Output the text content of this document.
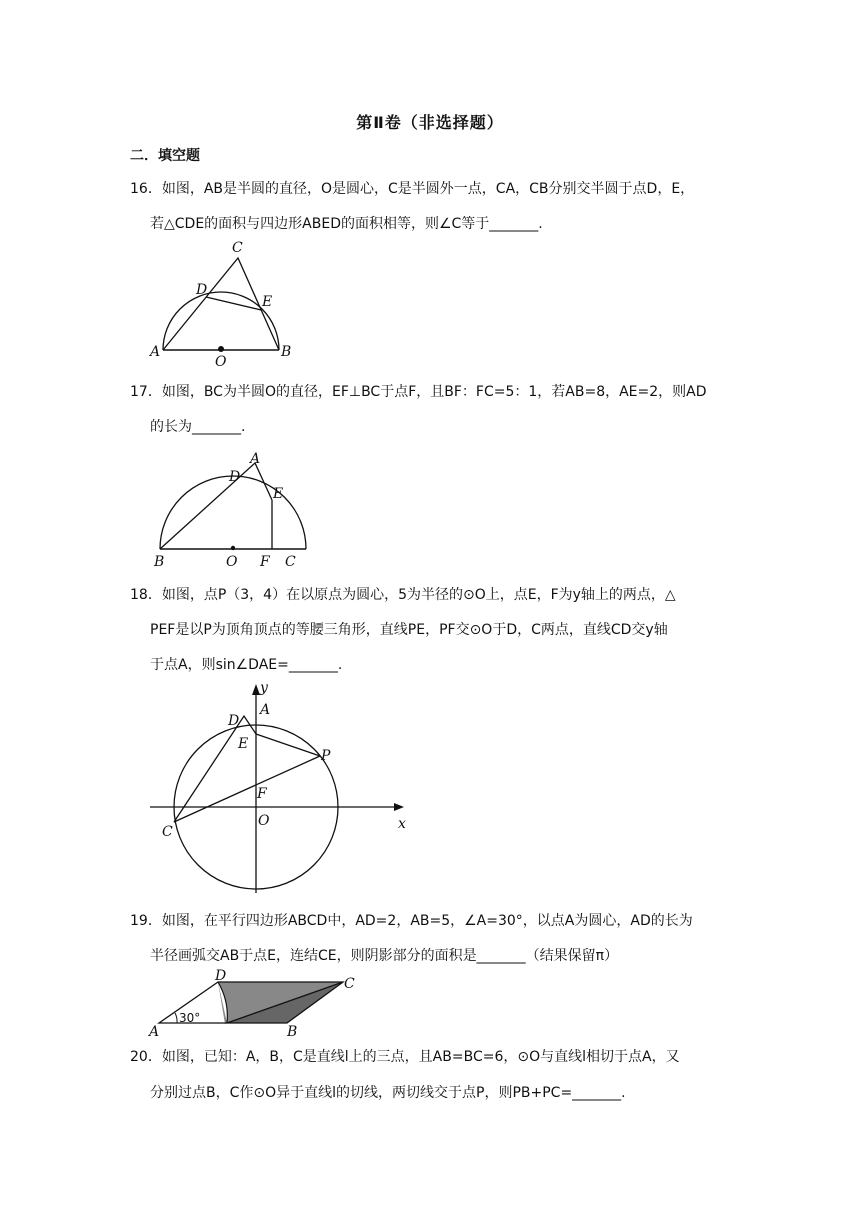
第Ⅱ卷（非选择题）
二．填空题
16．如图，AB是半圆的直径，O是圆心，C是半圆外一点，CA，CB分别交半圆于点D，E，
若△CDE的面积与四边形ABED的面积相等，则∠C等于_______.
C
D
E
A
O
B
17．如图，BC为半圆O的直径，EF⊥BC于点F，且BF：FC=5：1，若AB=8，AE=2，则AD
的长为_______.
A
D
E
B	O F C
18．如图，点P（3，4）在以原点为圆心，5为半径的⊙O上，点E，F为y轴上的两点，△
PEF是以P为顶角顶点的等腰三角形，直线PE，PF交⊙O于D，C两点，直线CD交y轴
于点A，则sin∠DAE=_______.
y
D
A
E
P
F
C
O	x
19．如图，在平行四边形ABCD中，AD=2，AB=5，∠A=30°，以点A为圆心，AD的长为
半径画弧交AB于点E，连结CE，则阴影部分的面积是_______（结果保留π）
D	C
30°
A	B
20．如图，已知：A，B，C是直线l上的三点，且AB=BC=6，⊙O与直线l相切于点A，又
分别过点B，C作⊙O异于直线l的切线，两切线交于点P，则PB+PC=_______.
